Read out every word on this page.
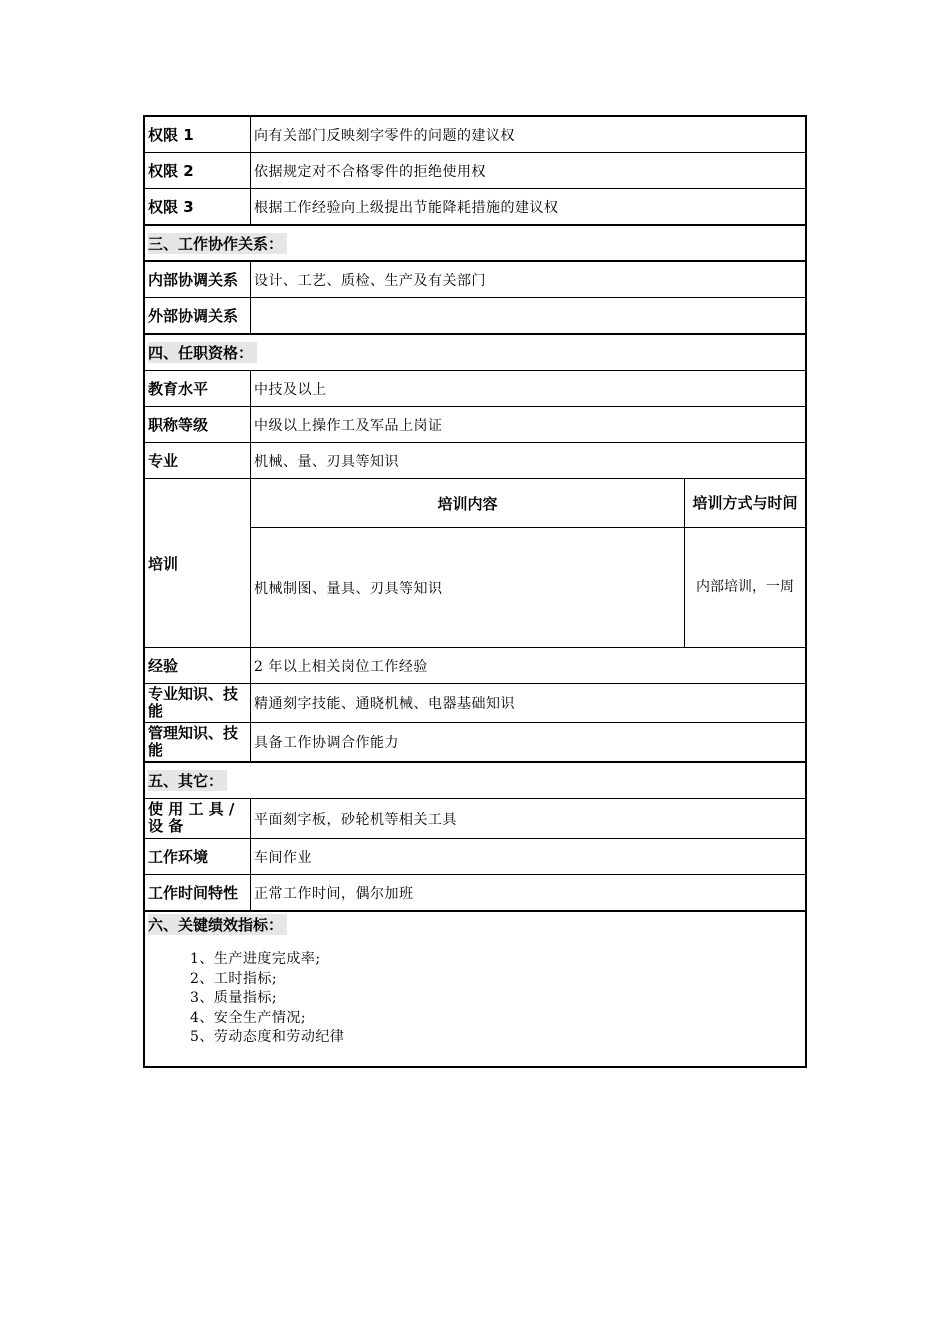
权限 1	向有关部门反映刻字零件的问题的建议权
权限 2	依据规定对不合格零件的拒绝使用权
权限 3	根据工作经验向上级提出节能降耗措施的建议权
三、工作协作关系：
内部协调关系	设计、工艺、质检、生产及有关部门
外部协调关系
四、任职资格：
教育水平	中技及以上
职称等级	中级以上操作工及军品上岗证
专业	机械、量、刃具等知识
培训
培训内容	培训方式与时间
机械制图、量具、刃具等知识	内部培训，一周
经验	2 年以上相关岗位工作经验
专业知识、技能	精通刻字技能、通晓机械、电器基础知识
管理知识、技能	具备工作协调合作能力
五、其它：
使 用 工 具 / 设 备	平面刻字板，砂轮机等相关工具
工作环境	车间作业
工作时间特性	正常工作时间，偶尔加班
六、关键绩效指标：
1、生产进度完成率;
2、工时指标;
3、质量指标;
4、安全生产情况;
5、劳动态度和劳动纪律
